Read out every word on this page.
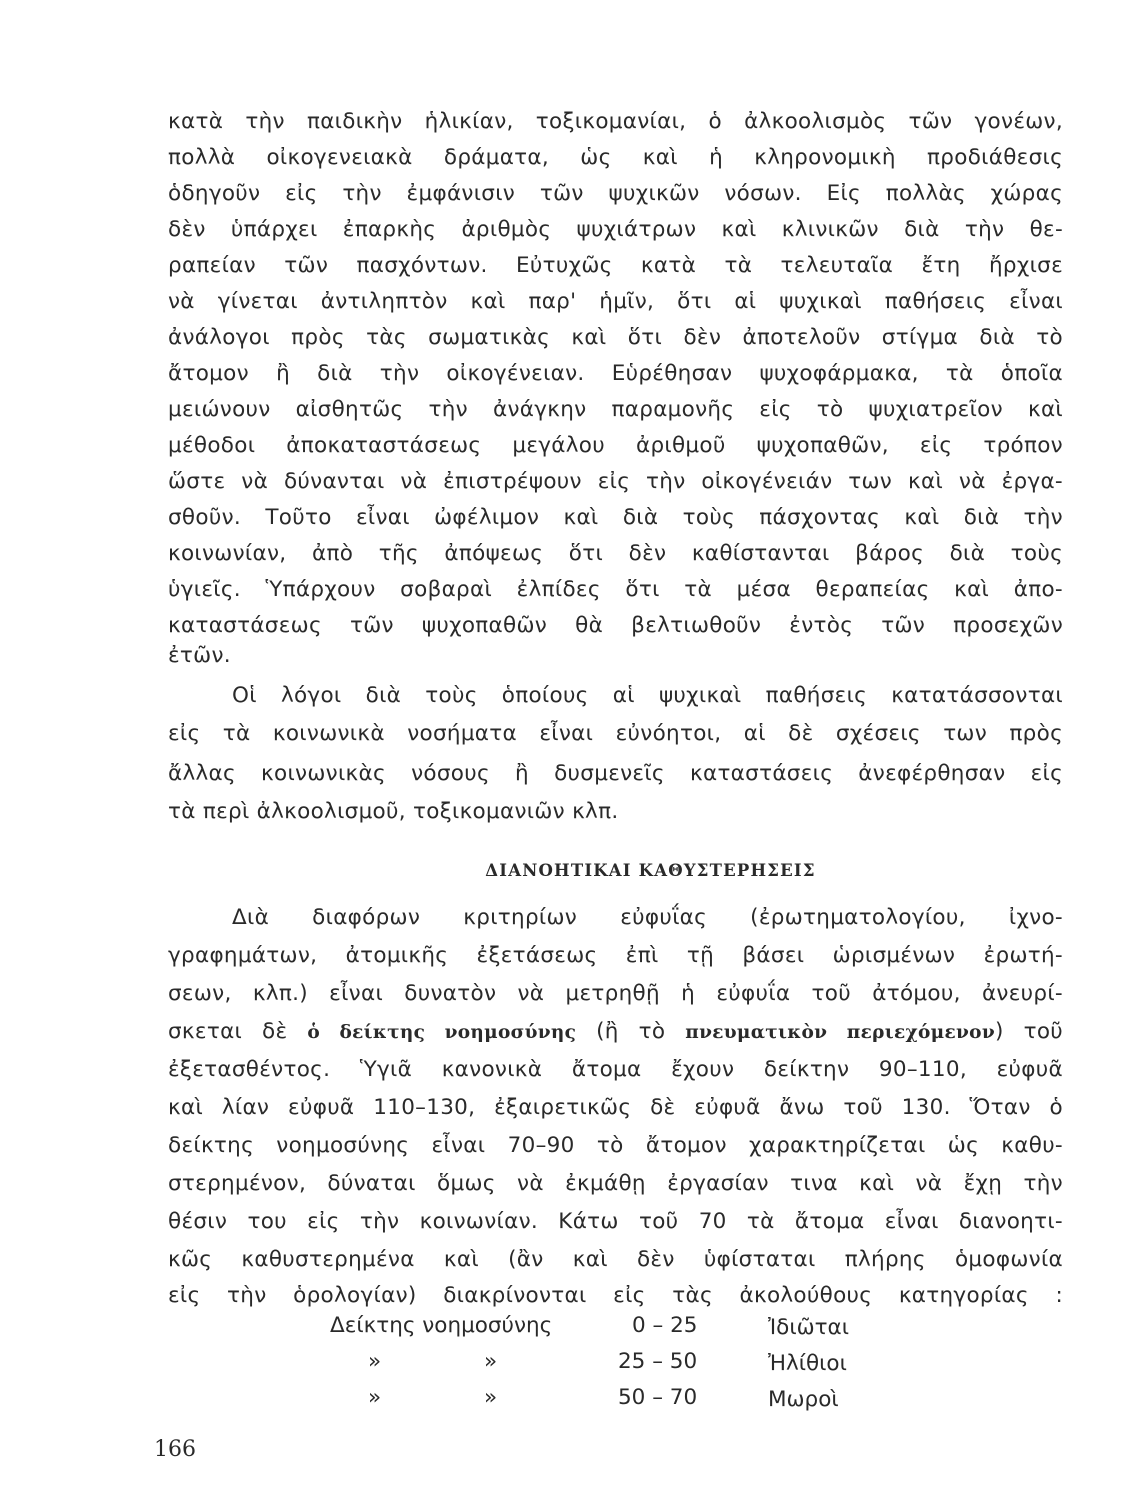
κατὰ τὴν παιδικὴν ἡλικίαν, τοξικομανίαι, ὁ ἀλκοολισμὸς τῶν γονέων,
πολλὰ οἰκογενειακὰ δράματα, ὡς καὶ ἡ κληρονομικὴ προδιάθεσις
ὁδηγοῦν εἰς τὴν ἐμφάνισιν τῶν ψυχικῶν νόσων. Εἰς πολλὰς χώρας
δὲν ὑπάρχει ἐπαρκὴς ἀριθμὸς ψυχιάτρων καὶ κλινικῶν διὰ τὴν θε-
ραπείαν τῶν πασχόντων. Εὐτυχῶς κατὰ τὰ τελευταῖα ἔτη ἤρχισε
νὰ γίνεται ἀντιληπτὸν καὶ παρ' ἡμῖν, ὅτι αἱ ψυχικαὶ παθήσεις εἶναι
ἀνάλογοι πρὸς τὰς σωματικὰς καὶ ὅτι δὲν ἀποτελοῦν στίγμα διὰ τὸ
ἄτομον ἢ διὰ τὴν οἰκογένειαν. Εὑρέθησαν ψυχοφάρμακα, τὰ ὁποῖα
μειώνουν αἰσθητῶς τὴν ἀνάγκην παραμονῆς εἰς τὸ ψυχιατρεῖον καὶ
μέθοδοι ἀποκαταστάσεως μεγάλου ἀριθμοῦ ψυχοπαθῶν, εἰς τρόπον
ὥστε νὰ δύνανται νὰ ἐπιστρέψουν εἰς τὴν οἰκογένειάν των καὶ νὰ ἐργα-
σθοῦν. Τοῦτο εἶναι ὠφέλιμον καὶ διὰ τοὺς πάσχοντας καὶ διὰ τὴν
κοινωνίαν, ἀπὸ τῆς ἀπόψεως ὅτι δὲν καθίστανται βάρος διὰ τοὺς
ὑγιεῖς. Ὑπάρχουν σοβαραὶ ἐλπίδες ὅτι τὰ μέσα θεραπείας καὶ ἀπο-
καταστάσεως τῶν ψυχοπαθῶν θὰ βελτιωθοῦν ἐντὸς τῶν προσεχῶν
ἐτῶν.
Οἱ λόγοι διὰ τοὺς ὁποίους αἱ ψυχικαὶ παθήσεις κατατάσσονται
εἰς τὰ κοινωνικὰ νοσήματα εἶναι εὐνόητοι, αἱ δὲ σχέσεις των πρὸς
ἄλλας κοινωνικὰς νόσους ἢ δυσμενεῖς καταστάσεις ἀνεφέρθησαν εἰς
τὰ περὶ ἀλκοολισμοῦ, τοξικομανιῶν κλπ.
ΔΙΑΝΟΗΤΙΚΑΙ ΚΑΘΥΣΤΕΡΗΣΕΙΣ
Διὰ διαφόρων κριτηρίων εὐφυΐας (ἐρωτηματολογίου, ἰχνο-
γραφημάτων, ἀτομικῆς ἐξετάσεως ἐπὶ τῇ βάσει ὡρισμένων ἐρωτή-
σεων, κλπ.) εἶναι δυνατὸν νὰ μετρηθῇ ἡ εὐφυΐα τοῦ ἀτόμου, ἀνευρί-
σκεται δὲ ὁ δείκτης νοημοσύνης (ἢ τὸ πνευματικὸν περιεχόμενον) τοῦ
ἐξετασθέντος. Ὑγιᾶ κανονικὰ ἄτομα ἔχουν δείκτην 90–110, εὐφυᾶ
καὶ λίαν εὐφυᾶ 110–130, ἐξαιρετικῶς δὲ εὐφυᾶ ἄνω τοῦ 130. Ὅταν ὁ
δείκτης νοημοσύνης εἶναι 70–90 τὸ ἄτομον χαρακτηρίζεται ὡς καθυ-
στερημένον, δύναται ὅμως νὰ ἐκμάθῃ ἐργασίαν τινα καὶ νὰ ἔχῃ τὴν
θέσιν του εἰς τὴν κοινωνίαν. Κάτω τοῦ 70 τὰ ἄτομα εἶναι διανοητι-
κῶς καθυστερημένα καὶ (ἂν καὶ δὲν ὑφίσταται πλήρης ὁμοφωνία
εἰς τὴν ὁρολογίαν) διακρίνονται εἰς τὰς ἀκολούθους κατηγορίας :
Δείκτης νοημοσύνης	0 – 25	Ἰδιῶται
»	»	25 – 50	Ἠλίθιοι
»	»	50 – 70	Μωροὶ
166
